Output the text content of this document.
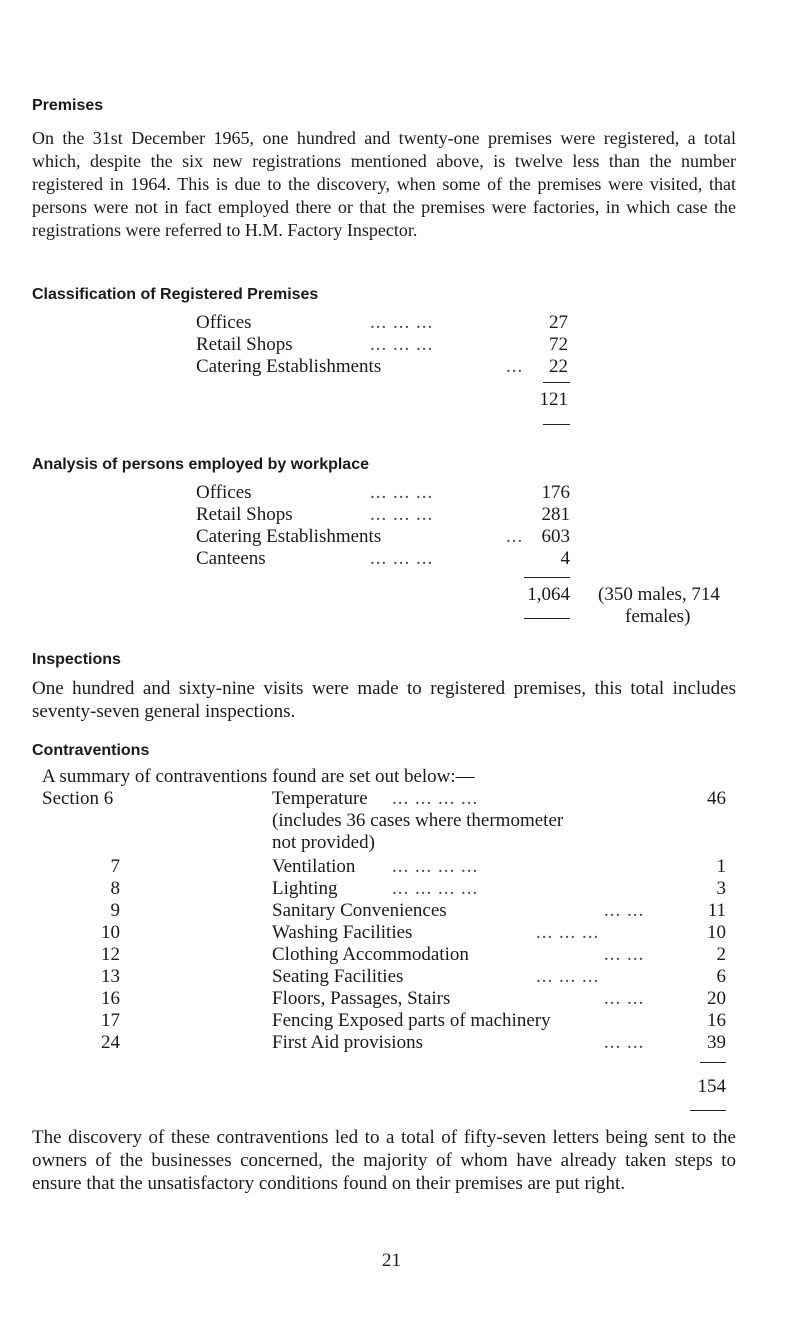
Premises
On the 31st December 1965, one hundred and twenty-one premises were registered, a total which, despite the six new registrations mentioned above, is twelve less than the number registered in 1964. This is due to the discovery, when some of the premises were visited, that persons were not in fact employed there or that the premises were factories, in which case the registrations were referred to H.M. Factory Inspector.
Classification of Registered Premises
Offices	... ... ...	27
Retail Shops	... ... ...	72
Catering Establishments	...	22
121
Analysis of persons employed by workplace
Offices	... ... ...	176
Retail Shops	... ... ...	281
Catering Establishments	... 603
Canteens	... ... ...	4
1,064 (350 males, 714
females)
Inspections
One hundred and sixty-nine visits were made to registered premises, this total includes seventy-seven general inspections.
Contraventions
A summary of contraventions found are set out below:—
Section 6	Temperature ... ... ... ...	46
(includes 36 cases where thermometer
not provided)
7	Ventilation ... ... ... ...	1
8	Lighting	... ... ... ...	3
9	Sanitary Conveniences	... ...	11
10	Washing Facilities	... ... ...	10
12	Clothing Accommodation	... ...	2
13	Seating Facilities	... ... ...	6
16	Floors, Passages, Stairs	... ...	20
17	Fencing Exposed parts of machinery	16
24	First Aid provisions	... ...	39
154
The discovery of these contraventions led to a total of fifty-seven letters being sent to the owners of the businesses concerned, the majority of whom have already taken steps to ensure that the unsatisfactory conditions found on their premises are put right.
21
